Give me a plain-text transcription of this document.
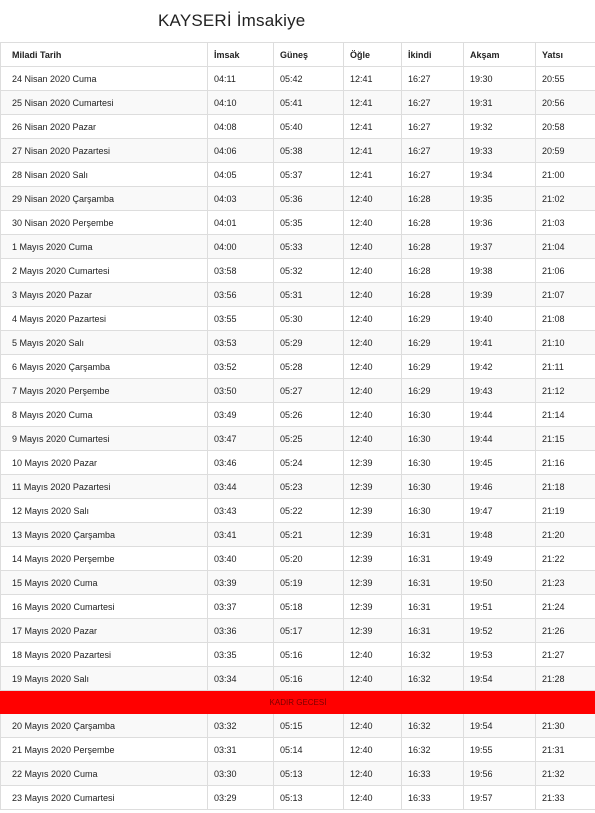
KAYSERİ İmsakiye
Miladi Tarih	İmsak	Güneş	Öğle	İkindi	Akşam	Yatsı
24 Nisan 2020 Cuma	04:11	05:42	12:41	16:27	19:30	20:55
25 Nisan 2020 Cumartesi	04:10	05:41	12:41	16:27	19:31	20:56
26 Nisan 2020 Pazar	04:08	05:40	12:41	16:27	19:32	20:58
27 Nisan 2020 Pazartesi	04:06	05:38	12:41	16:27	19:33	20:59
28 Nisan 2020 Salı	04:05	05:37	12:41	16:27	19:34	21:00
29 Nisan 2020 Çarşamba	04:03	05:36	12:40	16:28	19:35	21:02
30 Nisan 2020 Perşembe	04:01	05:35	12:40	16:28	19:36	21:03
1 Mayıs 2020 Cuma	04:00	05:33	12:40	16:28	19:37	21:04
2 Mayıs 2020 Cumartesi	03:58	05:32	12:40	16:28	19:38	21:06
3 Mayıs 2020 Pazar	03:56	05:31	12:40	16:28	19:39	21:07
4 Mayıs 2020 Pazartesi	03:55	05:30	12:40	16:29	19:40	21:08
5 Mayıs 2020 Salı	03:53	05:29	12:40	16:29	19:41	21:10
6 Mayıs 2020 Çarşamba	03:52	05:28	12:40	16:29	19:42	21:11
7 Mayıs 2020 Perşembe	03:50	05:27	12:40	16:29	19:43	21:12
8 Mayıs 2020 Cuma	03:49	05:26	12:40	16:30	19:44	21:14
9 Mayıs 2020 Cumartesi	03:47	05:25	12:40	16:30	19:44	21:15
10 Mayıs 2020 Pazar	03:46	05:24	12:39	16:30	19:45	21:16
11 Mayıs 2020 Pazartesi	03:44	05:23	12:39	16:30	19:46	21:18
12 Mayıs 2020 Salı	03:43	05:22	12:39	16:30	19:47	21:19
13 Mayıs 2020 Çarşamba	03:41	05:21	12:39	16:31	19:48	21:20
14 Mayıs 2020 Perşembe	03:40	05:20	12:39	16:31	19:49	21:22
15 Mayıs 2020 Cuma	03:39	05:19	12:39	16:31	19:50	21:23
16 Mayıs 2020 Cumartesi	03:37	05:18	12:39	16:31	19:51	21:24
17 Mayıs 2020 Pazar	03:36	05:17	12:39	16:31	19:52	21:26
18 Mayıs 2020 Pazartesi	03:35	05:16	12:40	16:32	19:53	21:27
19 Mayıs 2020 Salı	03:34	05:16	12:40	16:32	19:54	21:28
KADIR GECESİ						
20 Mayıs 2020 Çarşamba	03:32	05:15	12:40	16:32	19:54	21:30
21 Mayıs 2020 Perşembe	03:31	05:14	12:40	16:32	19:55	21:31
22 Mayıs 2020 Cuma	03:30	05:13	12:40	16:33	19:56	21:32
23 Mayıs 2020 Cumartesi	03:29	05:13	12:40	16:33	19:57	21:33
